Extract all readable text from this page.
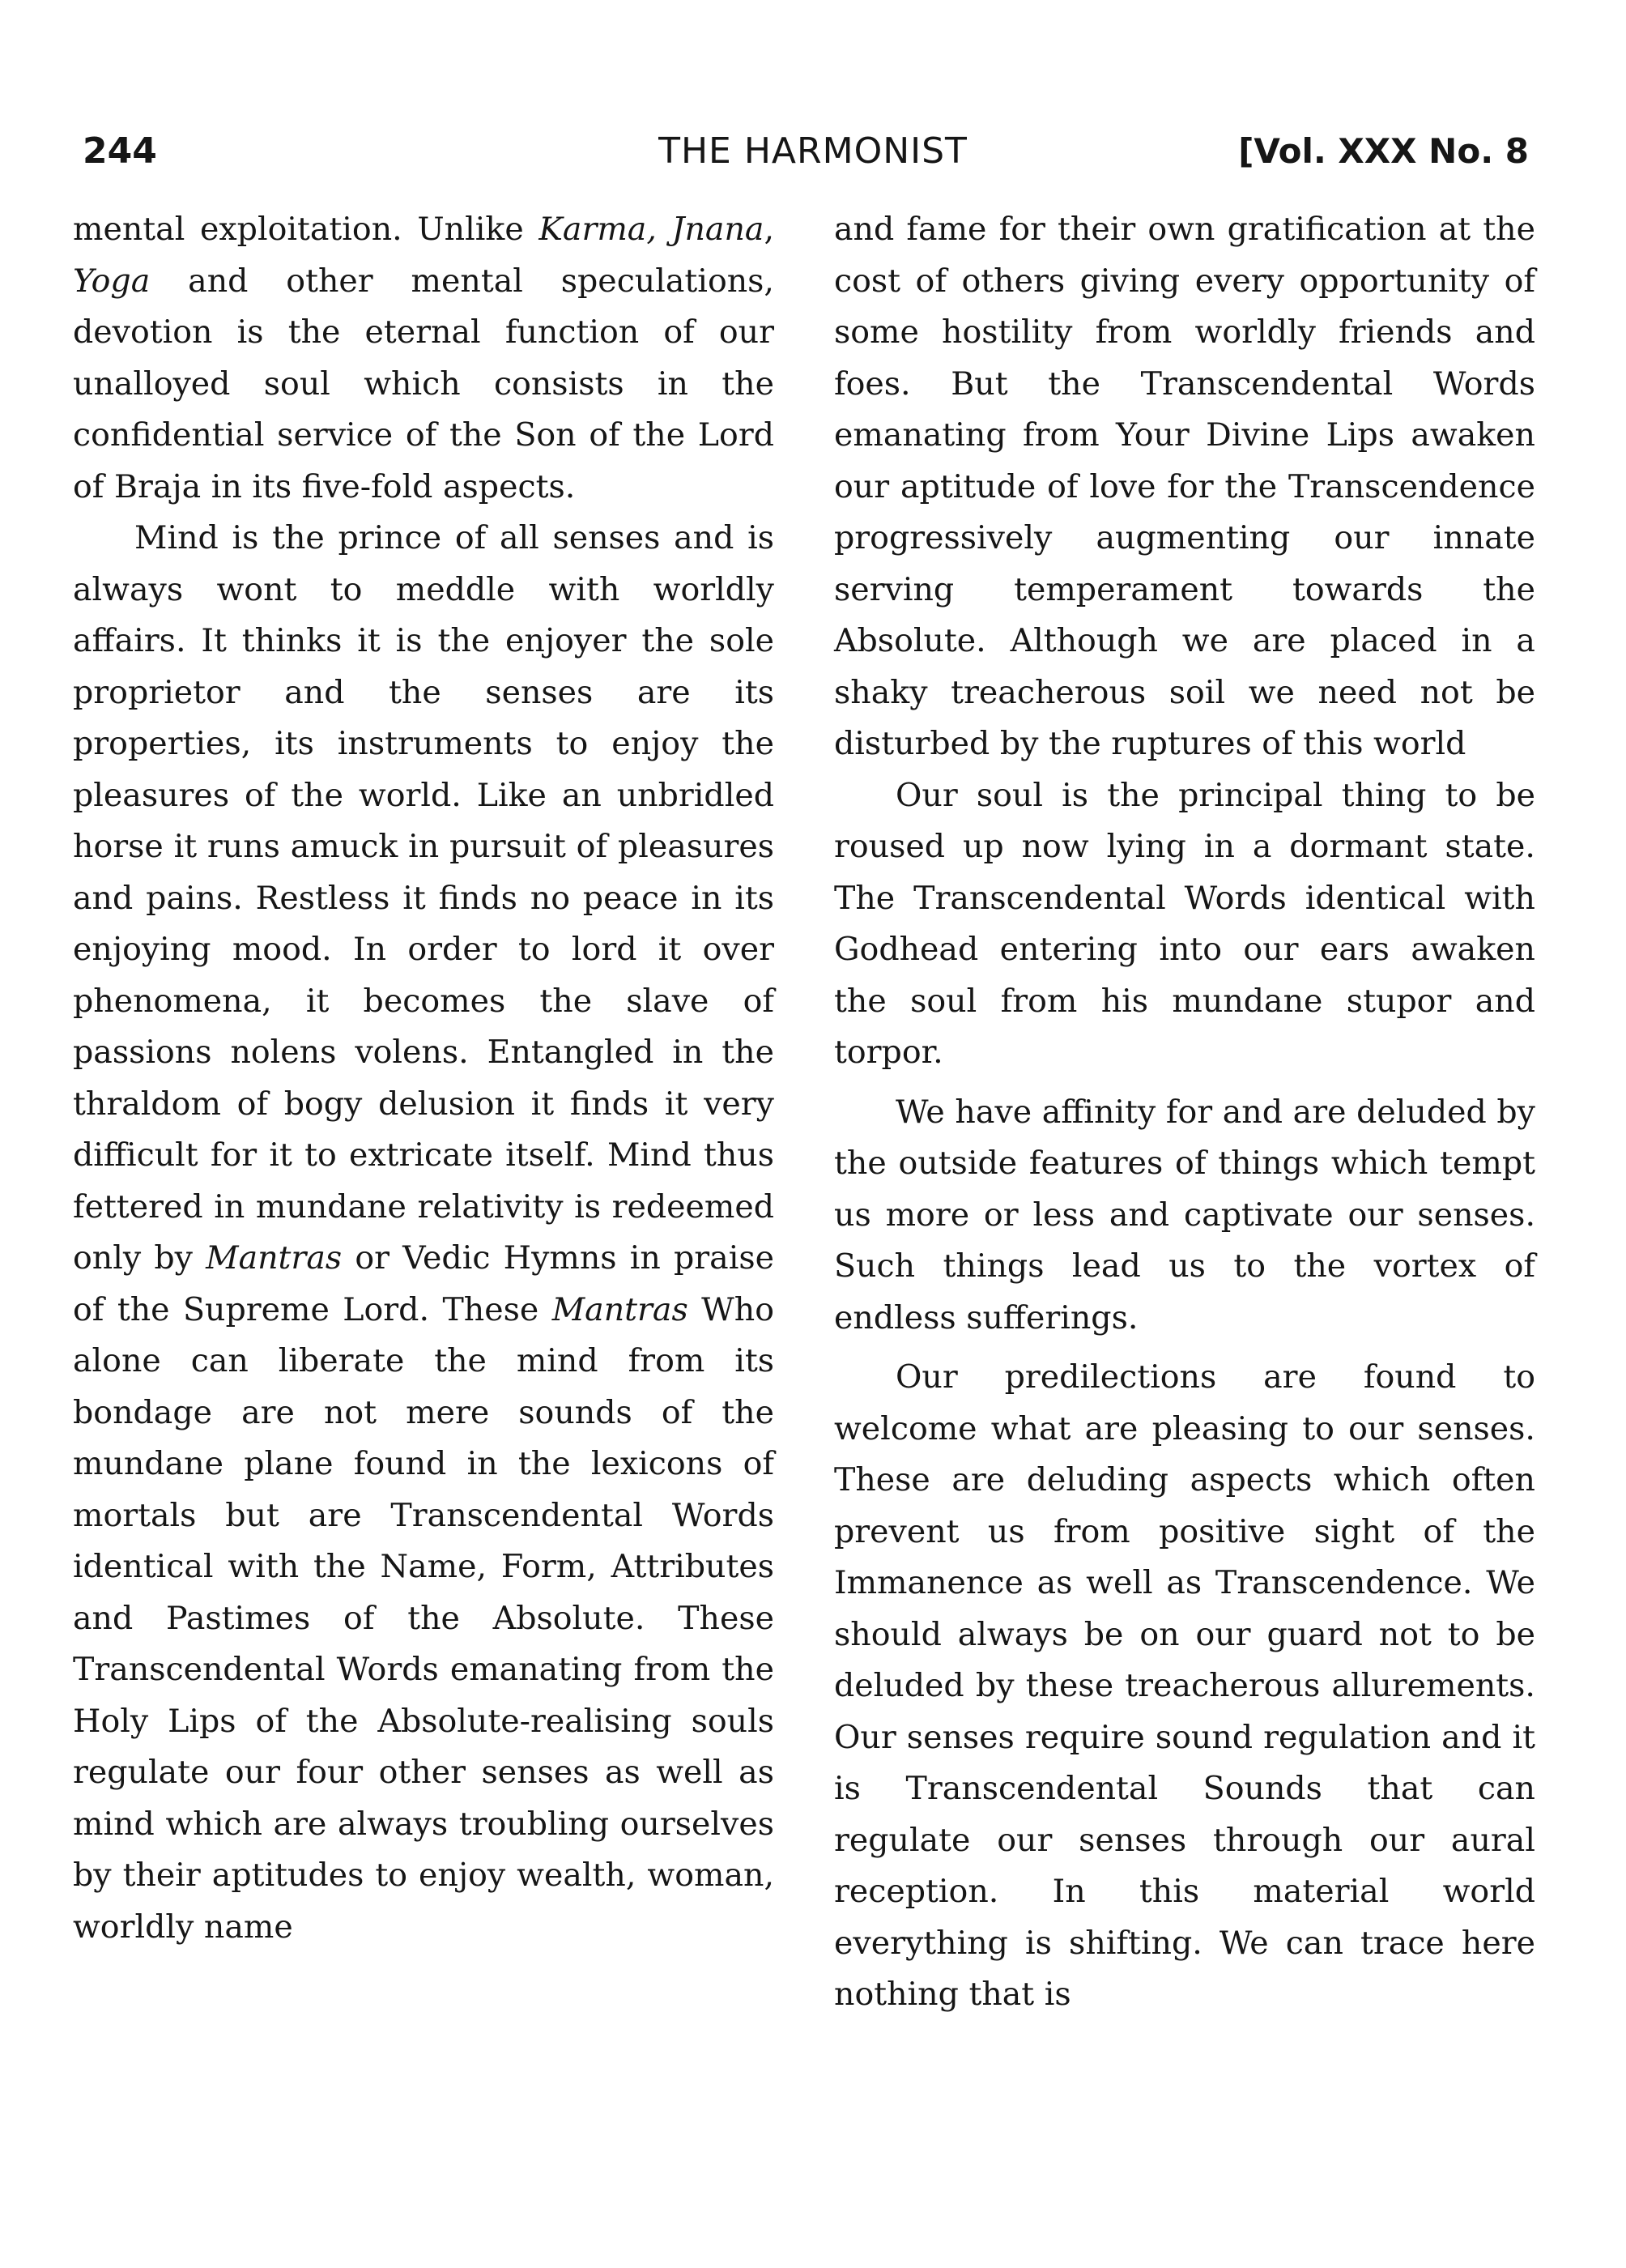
244	THE HARMONIST	[Vol. XXX No. 8

mental exploitation. Unlike Karma, Jnana, Yoga and other mental speculations, devotion is the eternal function of our unalloyed soul which consists in the confidential service of the Son of the Lord of Braja in its five-fold aspects.

Mind is the prince of all senses and is always wont to meddle with worldly affairs. It thinks it is the enjoyer the sole proprietor and the senses are its properties, its instruments to enjoy the pleasures of the world. Like an unbridled horse it runs amuck in pursuit of pleasures and pains. Restless it finds no peace in its enjoying mood. In order to lord it over phenomena, it becomes the slave of passions nolens volens. Entangled in the thraldom of bogy delusion it finds it very difficult for it to extricate itself. Mind thus fettered in mundane relativity is redeemed only by Mantras or Vedic Hymns in praise of the Supreme Lord. These Mantras Who alone can liberate the mind from its bondage are not mere sounds of the mundane plane found in the lexicons of mortals but are Transcendental Words identical with the Name, Form, Attributes and Pastimes of the Absolute. These Transcendental Words emanating from the Holy Lips of the Absolute-realising souls regulate our four other senses as well as mind which are always troubling ourselves by their aptitudes to enjoy wealth, woman, worldly name

and fame for their own gratification at the cost of others giving every opportunity of some hostility from worldly friends and foes. But the Transcendental Words emanating from Your Divine Lips awaken our aptitude of love for the Transcendence progressively augmenting our innate serving temperament towards the Absolute. Although we are placed in a shaky treacherous soil we need not be disturbed by the ruptures of this world

Our soul is the principal thing to be roused up now lying in a dormant state. The Transcendental Words identical with Godhead entering into our ears awaken the soul from his mundane stupor and torpor.

We have affinity for and are deluded by the outside features of things which tempt us more or less and captivate our senses. Such things lead us to the vortex of endless sufferings.

Our predilections are found to welcome what are pleasing to our senses. These are deluding aspects which often prevent us from positive sight of the Immanence as well as Transcendence. We should always be on our guard not to be deluded by these treacherous allurements. Our senses require sound regulation and it is Transcendental Sounds that can regulate our senses through our aural reception. In this material world everything is shifting. We can trace here nothing that is
